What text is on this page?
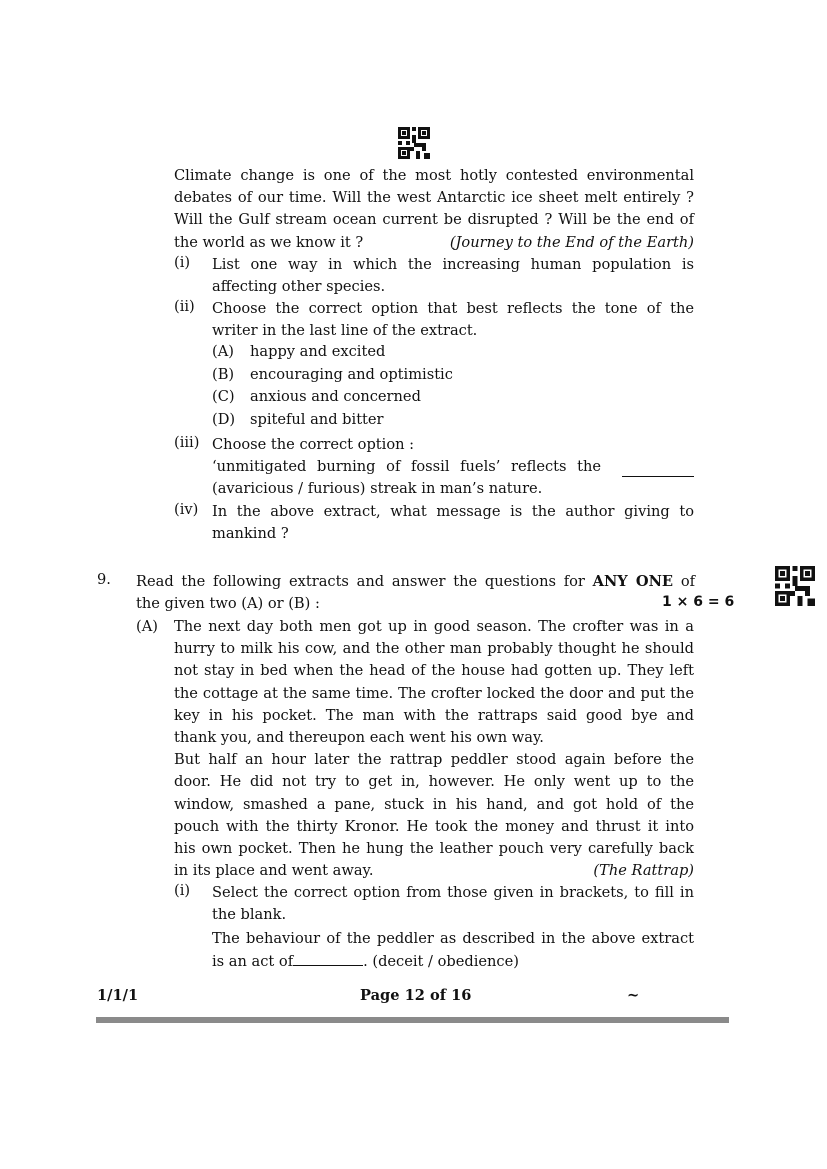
Climate change is one of the most hotly contested environmental
debates of our time. Will the west Antarctic ice sheet melt entirely ?
Will the Gulf stream ocean current be disrupted ? Will be the end of
the world as we know it ?	(Journey to the End of the Earth)
(i) List one way in which the increasing human population is
affecting other species.
(ii) Choose the correct option that best reflects the tone of the
writer in the last line of the extract.
(A) happy and excited
(B) encouraging and optimistic
(C) anxious and concerned
(D) spiteful and bitter
(iii) Choose the correct option :
‘unmitigated burning of fossil fuels’ reflects the
(avaricious / furious) streak in man’s nature.
(iv) In the above extract, what message is the author giving to
mankind ?
9. Read the following extracts and answer the questions for ANY ONE of
the given two (A) or (B) :	1 × 6 = 6
(A) The next day both men got up in good season. The crofter was in a
hurry to milk his cow, and the other man probably thought he should
not stay in bed when the head of the house had gotten up. They left
the cottage at the same time. The crofter locked the door and put the
key in his pocket. The man with the rattraps said good bye and
thank you, and thereupon each went his own way.
But half an hour later the rattrap peddler stood again before the
door. He did not try to get in, however. He only went up to the
window, smashed a pane, stuck in his hand, and got hold of the
pouch with the thirty Kronor. He took the money and thrust it into
his own pocket. Then he hung the leather pouch very carefully back
in its place and went away.	(The Rattrap)
(i) Select the correct option from those given in brackets, to fill in
the blank.
The behaviour of the peddler as described in the above extract
is an act of	. (deceit / obedience)
1/1/1	Page 12 of 16	~
